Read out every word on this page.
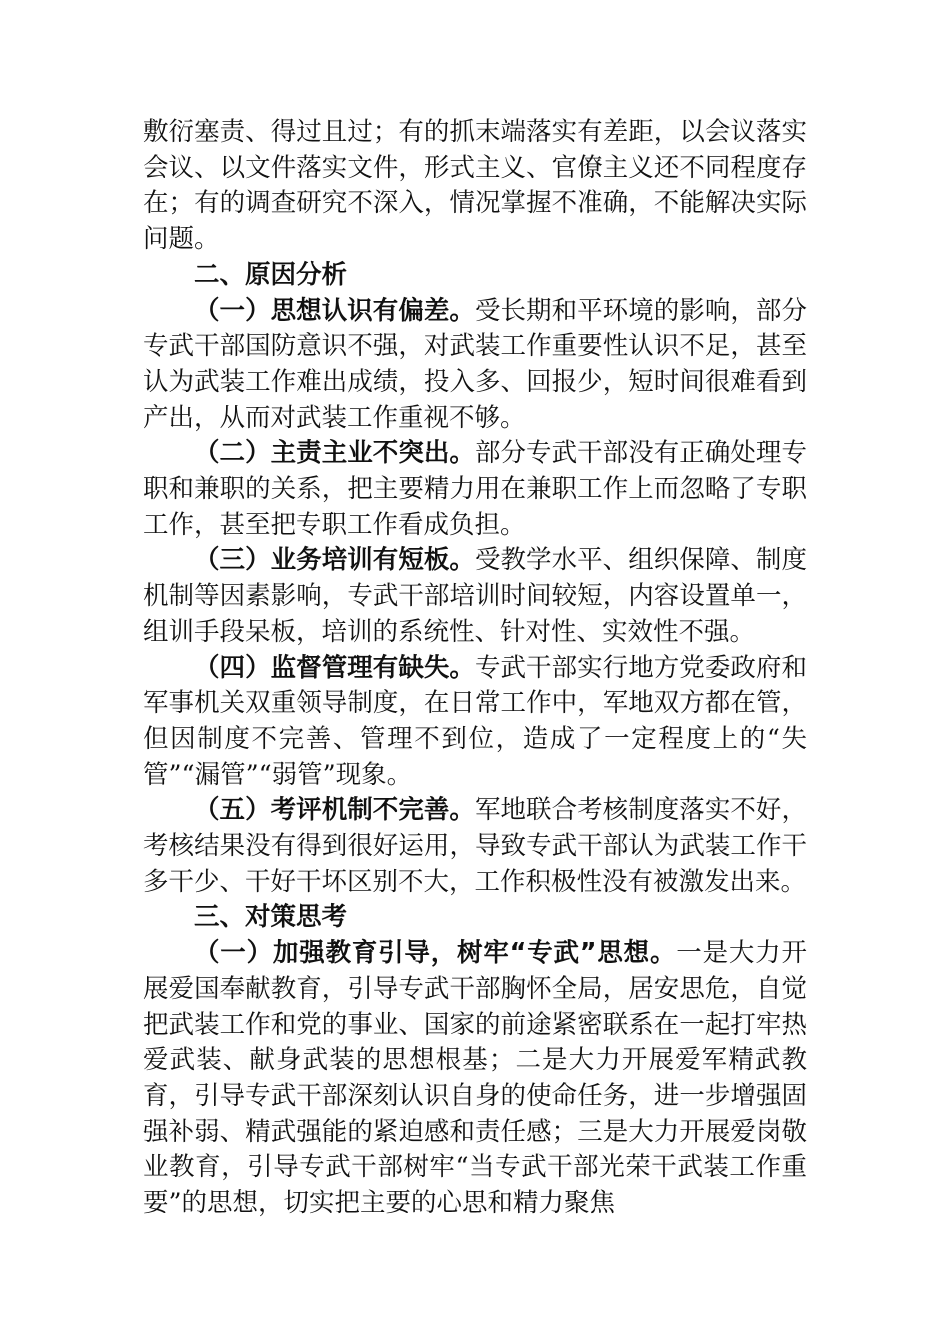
敷衍塞责、得过且过；有的抓末端落实有差距，以会议落实会议、以文件落实文件，形式主义、官僚主义还不同程度存在；有的调查研究不深入，情况掌握不准确，不能解决实际问题。

二、原因分析

（一）思想认识有偏差。受长期和平环境的影响，部分专武干部国防意识不强，对武装工作重要性认识不足，甚至认为武装工作难出成绩，投入多、回报少，短时间很难看到产出，从而对武装工作重视不够。

（二）主责主业不突出。部分专武干部没有正确处理专职和兼职的关系，把主要精力用在兼职工作上而忽略了专职工作，甚至把专职工作看成负担。

（三）业务培训有短板。受教学水平、组织保障、制度机制等因素影响，专武干部培训时间较短，内容设置单一，组训手段呆板，培训的系统性、针对性、实效性不强。

（四）监督管理有缺失。专武干部实行地方党委政府和军事机关双重领导制度，在日常工作中，军地双方都在管，但因制度不完善、管理不到位，造成了一定程度上的“失管”“漏管”“弱管”现象。

（五）考评机制不完善。军地联合考核制度落实不好，考核结果没有得到很好运用，导致专武干部认为武装工作干多干少、干好干坏区别不大，工作积极性没有被激发出来。

三、对策思考

（一）加强教育引导，树牢“专武”思想。一是大力开展爱国奉献教育，引导专武干部胸怀全局，居安思危，自觉把武装工作和党的事业、国家的前途紧密联系在一起打牢热爱武装、献身武装的思想根基；二是大力开展爱军精武教育，引导专武干部深刻认识自身的使命任务，进一步增强固强补弱、精武强能的紧迫感和责任感；三是大力开展爱岗敬业教育，引导专武干部树牢“当专武干部光荣干武装工作重要”的思想，切实把主要的心思和精力聚焦
